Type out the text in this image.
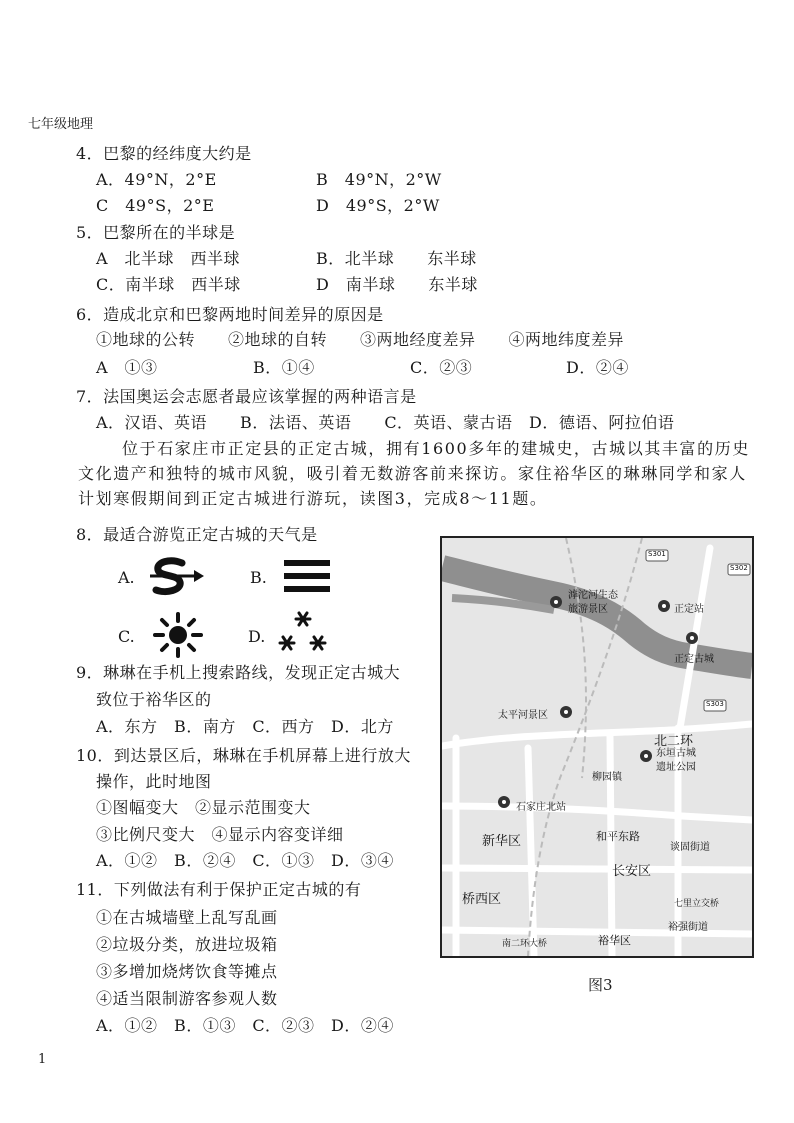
七年级地理
4．巴黎的经纬度大约是
A．49°N，2°E	B　49°N，2°W
C　49°S，2°E	D　49°S，2°W
5．巴黎所在的半球是
A　北半球　西半球	B．北半球　　东半球
C．南半球　西半球	D　南半球　　东半球
6．造成北京和巴黎两地时间差异的原因是
①地球的公转　　②地球的自转　　③两地经度差异　　④两地纬度差异
A　①③	B．①④	C．②③	D．②④
7．法国奥运会志愿者最应该掌握的两种语言是
A．汉语、英语　　B．法语、英语　　C．英语、蒙古语　D．德语、阿拉伯语
位于石家庄市正定县的正定古城，拥有1600多年的建城史，古城以其丰富的历史文化遗产和独特的城市风貌，吸引着无数游客前来探访。家住裕华区的琳琳同学和家人计划寒假期间到正定古城进行游玩，读图3，完成8～11题。
8．最适合游览正定古城的天气是
A.	B.
C.	D.
9．琳琳在手机上搜索路线，发现正定古城大
致位于裕华区的
A．东方　B．南方　C．西方　D．北方
10．到达景区后，琳琳在手机屏幕上进行放大
操作，此时地图
①图幅变大　②显示范围变大
③比例尺变大　④显示内容变详细
A．①②　B．②④　C．①③　D．③④
11．下列做法有利于保护正定古城的有
①在古城墙壁上乱写乱画
②垃圾分类，放进垃圾箱
③多增加烧烤饮食等摊点
④适当限制游客参观人数
A．①②　B．①③　C．②③　D．②④
S301
S302
S303
滹沱河生态
旅游景区	正定站
正定古城
太平河景区
北二环
东垣古城
遗址公园
柳园镇
石家庄北站
新华区	和平东路
谈固街道
长安区
桥西区	七里立交桥
裕强街道
南二环大桥	裕华区
图3
1
